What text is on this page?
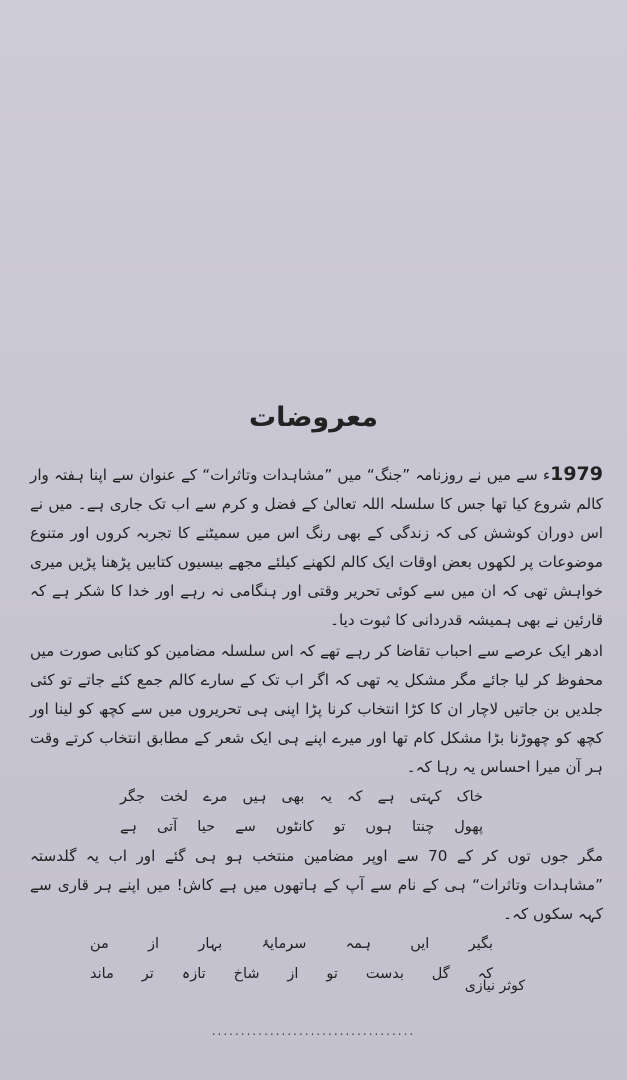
معروضات

1979ء سے میں نے روزنامہ ”جنگ“ میں ”مشاہدات وتاثرات“ کے عنوان سے اپنا ہفتہ وار کالم شروع کیا تھا جس کا سلسلہ اللہ تعالیٰ کے فضل و کرم سے اب تک جاری ہے۔ میں نے اس دوران کوشش کی کہ زندگی کے بھی رنگ اس میں سمیٹنے کا تجربہ کروں اور متنوع موضوعات پر لکھوں بعض اوقات ایک کالم لکھنے کیلئے مجھے بیسیوں کتابیں پڑھنا پڑیں میری خواہش تھی کہ ان میں سے کوئی تحریر وقتی اور ہنگامی نہ رہے اور خدا کا شکر ہے کہ قارئین نے بھی ہمیشہ قدردانی کا ثبوت دیا۔

ادھر ایک عرصے سے احباب تقاضا کر رہے تھے کہ اس سلسلہ مضامین کو کتابی صورت میں محفوظ کر لیا جائے مگر مشکل یہ تھی کہ اگر اب تک کے سارے کالم جمع کئے جاتے تو کئی جلدیں بن جاتیں لاچار ان کا کڑا انتخاب کرنا پڑا اپنی ہی تحریروں میں سے کچھ کو لینا اور کچھ کو چھوڑنا بڑا مشکل کام تھا اور میرے اپنے ہی ایک شعر کے مطابق انتخاب کرتے وقت ہر آن میرا احساس یہ رہا کہ۔

خاک کہتی ہے کہ یہ بھی ہیں مرے لخت جگر
پھول چنتا ہوں تو کانٹوں سے حیا آتی ہے

مگر جوں توں کر کے 70 سے اوپر مضامین منتخب ہو ہی گئے اور اب یہ گلدستہ ”مشاہدات وتاثرات“ ہی کے نام سے آپ کے ہاتھوں میں ہے کاش! میں اپنے ہر قاری سے کہہ سکوں کہ۔

بگیر ایں ہمہ سرمایۂ بہار از من
کہ گل بدست تو از شاخ تازہ تر ماند
کوثر نیازی
...................................
